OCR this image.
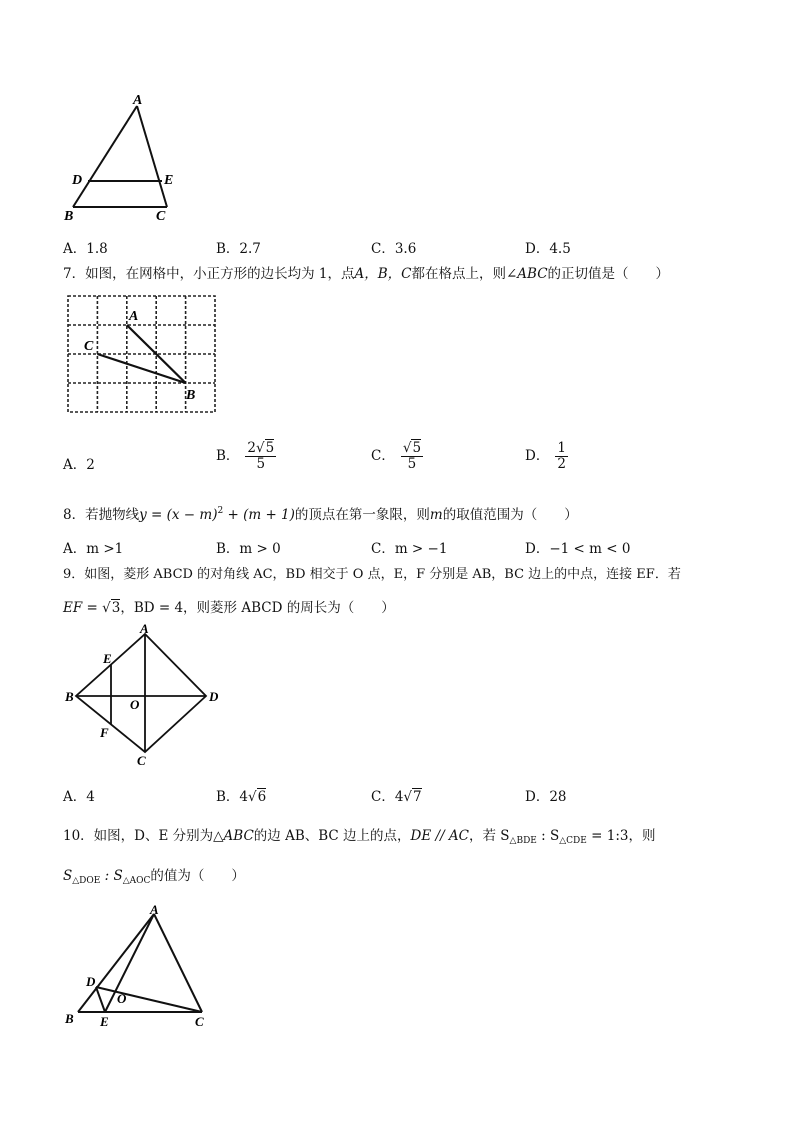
A
D	E
B	C
A．1.8	B．2.7	C．3.6	D．4.5
7．如图，在网格中，小正方形的边长均为 1，点A，B，C都在格点上，则∠ABC的正切值是（　　）
A
C
B
A．2
B． $\frac{2√5}{5}$	C． $\frac{√5}{5}$	D． $\frac{1}{2}$
8．若抛物线$y = (x - m)^2 + (m + 1)$的顶点在第一象限，则m的取值范围为（　　）
A．m >1	B．m > 0	C．m > −1	D．−1 < m < 0
9．如图，菱形 ABCD 的对角线 AC，BD 相交于 O 点，E，F 分别是 AB，BC 边上的中点，连接 EF．若
EF = √3，BD = 4，则菱形 ABCD 的周长为（　　）
A
E
B
O
D
F
C
A．4	B．4√6	C．4√7	D．28
10．如图，D、E 分别为△ABC的边 AB、BC 边上的点，DE // AC，若 $S_{\triangle BDE}$ : $S_{\triangle CDE}$ = 1:3，则
$S_{\triangle DOE}$ : $S_{\triangle AOC}$的值为（　　）
A
D
O
B E	C
